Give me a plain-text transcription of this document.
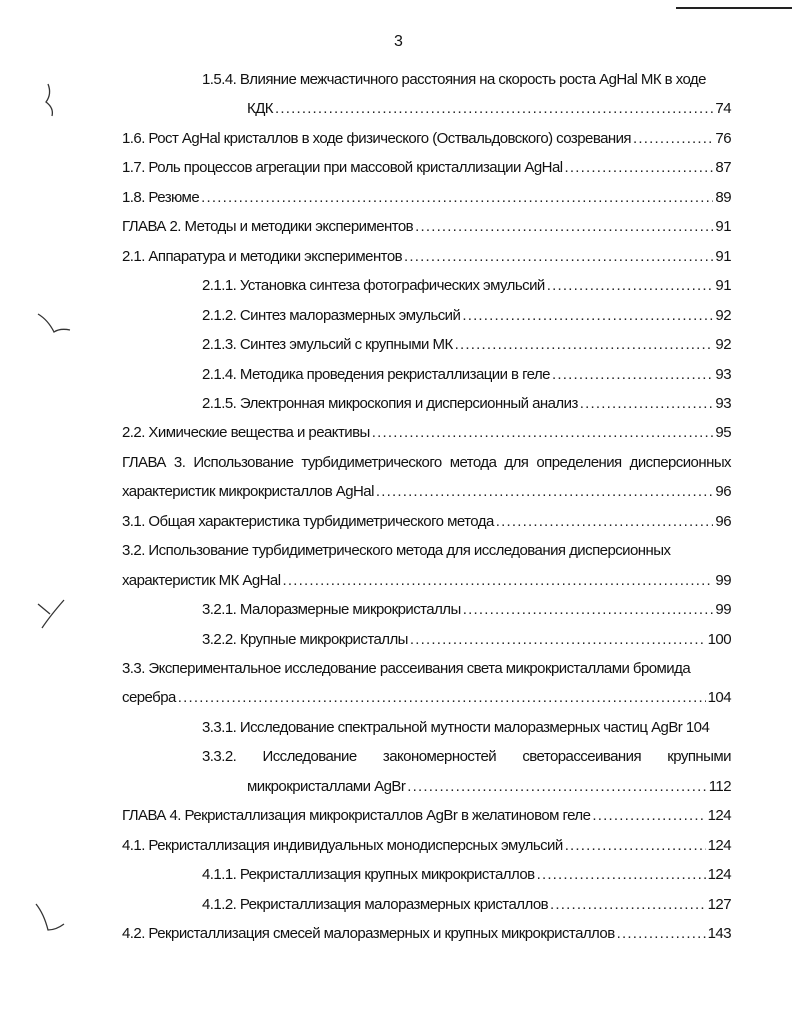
3
1.5.4. Влияние межчастичного расстояния на скорость роста AgHal МК в ходе
КДК .....	74
1.6. Рост AgHal кристаллов в ходе физического (Оствальдовского) созревания .....	76
1.7. Роль процессов агрегации при массовой кристаллизации AgHal .....	87
1.8. Резюме .....	89
ГЛАВА 2. Методы и методики экспериментов .....	91
2.1. Аппаратура и методики экспериментов .....	91
2.1.1. Установка синтеза фотографических эмульсий .....	91
2.1.2. Синтез малоразмерных эмульсий .....	92
2.1.3. Синтез эмульсий с крупными МК .....	92
2.1.4. Методика проведения рекристаллизации в геле .....	93
2.1.5. Электронная микроскопия и дисперсионный анализ .....	93
2.2. Химические вещества и реактивы .....	95
ГЛАВА 3. Использование турбидиметрического метода для определения дисперсионных
характеристик микрокристаллов AgHal .....	96
3.1. Общая характеристика турбидиметрического метода .....	96
3.2. Использование турбидиметрического метода для исследования дисперсионных
характеристик МК AgHal .....	99
3.2.1. Малоразмерные микрокристаллы .....	99
3.2.2. Крупные микрокристаллы .....	100
3.3. Экспериментальное исследование рассеивания света микрокристаллами бромида
серебра .....	104
3.3.1. Исследование спектральной мутности малоразмерных частиц AgBr 104
3.3.2. Исследование закономерностей светорассеивания крупными
микрокристаллами AgBr .....	112
ГЛАВА 4. Рекристаллизация микрокристаллов AgBr в желатиновом геле .....	124
4.1. Рекристаллизация индивидуальных монодисперсных эмульсий .....	124
4.1.1. Рекристаллизация крупных микрокристаллов .....	124
4.1.2. Рекристаллизация малоразмерных кристаллов .....	127
4.2. Рекристаллизация смесей малоразмерных и крупных микрокристаллов .....	143
